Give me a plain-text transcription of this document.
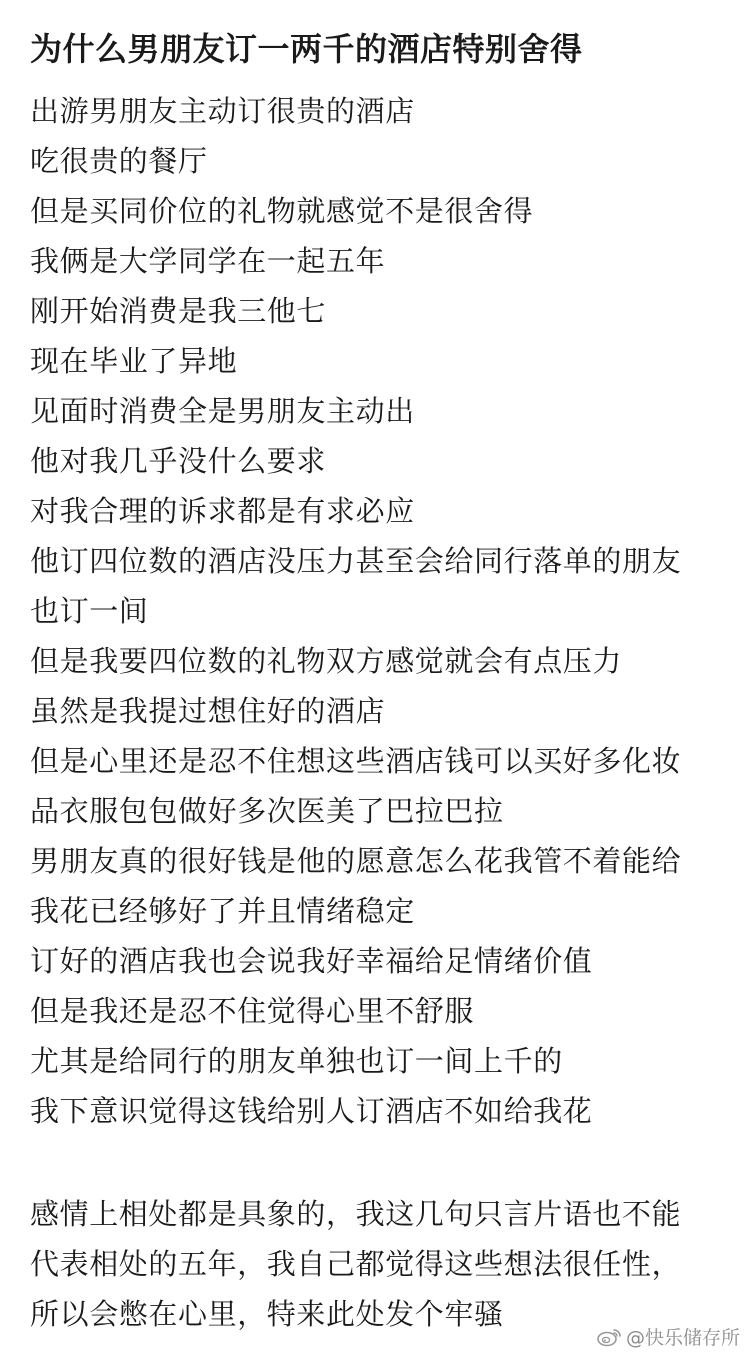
为什么男朋友订一两千的酒店特别舍得
出游男朋友主动订很贵的酒店
吃很贵的餐厅
但是买同价位的礼物就感觉不是很舍得
我俩是大学同学在一起五年
刚开始消费是我三他七
现在毕业了异地
见面时消费全是男朋友主动出
他对我几乎没什么要求
对我合理的诉求都是有求必应
他订四位数的酒店没压力甚至会给同行落单的朋友
也订一间
但是我要四位数的礼物双方感觉就会有点压力
虽然是我提过想住好的酒店
但是心里还是忍不住想这些酒店钱可以买好多化妆
品衣服包包做好多次医美了巴拉巴拉
男朋友真的很好钱是他的愿意怎么花我管不着能给
我花已经够好了并且情绪稳定
订好的酒店我也会说我好幸福给足情绪价值
但是我还是忍不住觉得心里不舒服
尤其是给同行的朋友单独也订一间上千的
我下意识觉得这钱给别人订酒店不如给我花
感情上相处都是具象的，我这几句只言片语也不能
代表相处的五年，我自己都觉得这些想法很任性，
所以会憋在心里，特来此处发个牢骚
@快乐储存所
